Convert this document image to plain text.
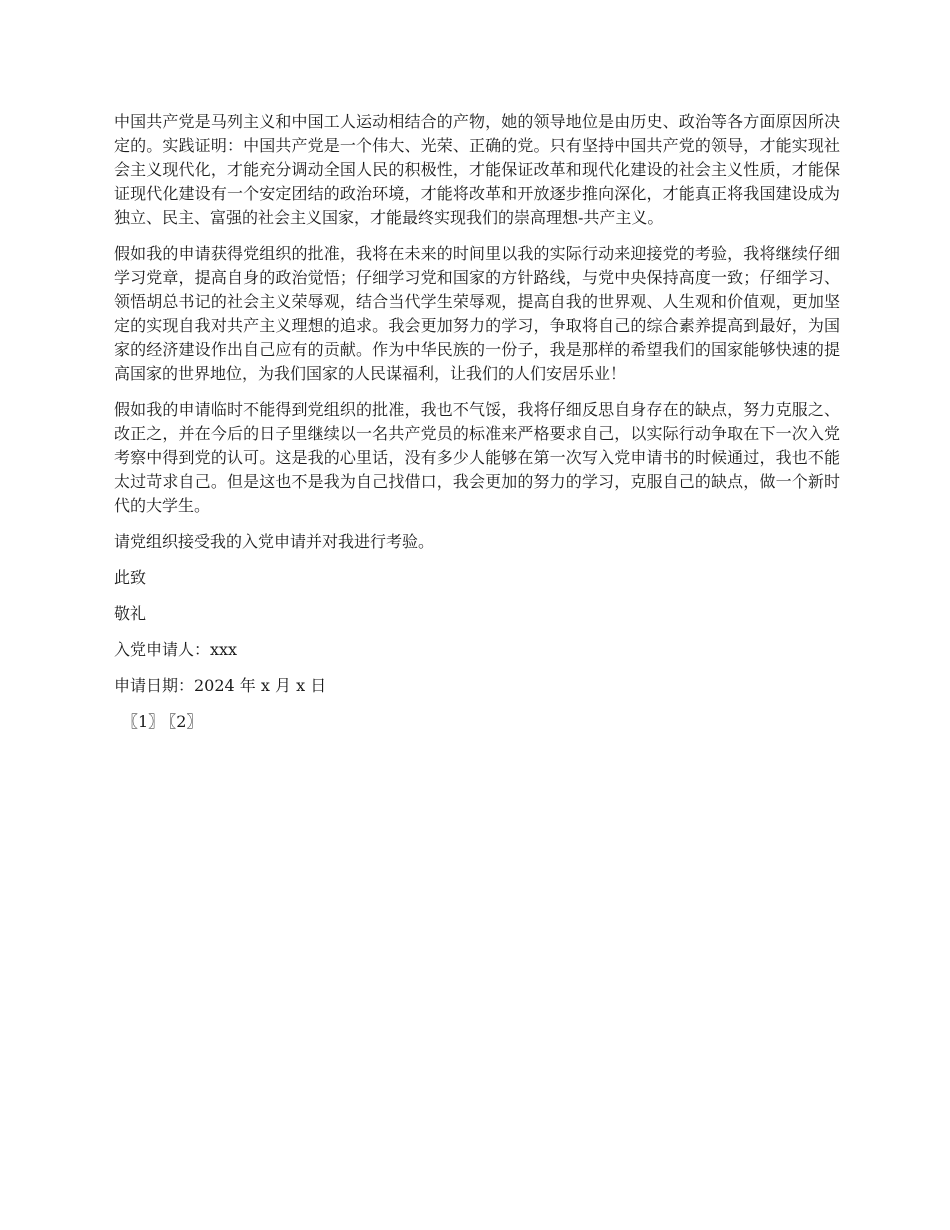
中国共产党是马列主义和中国工人运动相结合的产物，她的领导地位是由历史、政治等各方面原因所决定的。实践证明：中国共产党是一个伟大、光荣、正确的党。只有坚持中国共产党的领导，才能实现社会主义现代化，才能充分调动全国人民的积极性，才能保证改革和现代化建设的社会主义性质，才能保证现代化建设有一个安定团结的政治环境，才能将改革和开放逐步推向深化，才能真正将我国建设成为独立、民主、富强的社会主义国家，才能最终实现我们的崇高理想-共产主义。

假如我的申请获得党组织的批准，我将在未来的时间里以我的实际行动来迎接党的考验，我将继续仔细学习党章，提高自身的政治觉悟；仔细学习党和国家的方针路线，与党中央保持高度一致；仔细学习、领悟胡总书记的社会主义荣辱观，结合当代学生荣辱观，提高自我的世界观、人生观和价值观，更加坚定的实现自我对共产主义理想的追求。我会更加努力的学习，争取将自己的综合素养提高到最好，为国家的经济建设作出自己应有的贡献。作为中华民族的一份子，我是那样的希望我们的国家能够快速的提高国家的世界地位，为我们国家的人民谋福利，让我们的人们安居乐业！

假如我的申请临时不能得到党组织的批准，我也不气馁，我将仔细反思自身存在的缺点，努力克服之、改正之，并在今后的日子里继续以一名共产党员的标准来严格要求自己，以实际行动争取在下一次入党考察中得到党的认可。这是我的心里话，没有多少人能够在第一次写入党申请书的时候通过，我也不能太过苛求自己。但是这也不是我为自己找借口，我会更加的努力的学习，克服自己的缺点，做一个新时代的大学生。

请党组织接受我的入党申请并对我进行考验。

此致

敬礼

入党申请人：xxx

申请日期：2024 年 x 月 x 日

〖1〗 〖2〗
